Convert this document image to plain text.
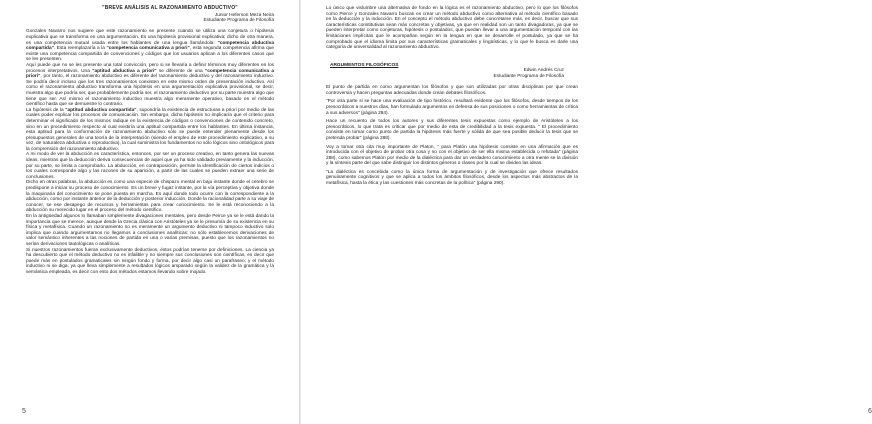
"BREVE ANÁLISIS AL RAZONAMIENTO ABDUCTIVO"
Junior Heferson Meza Neira
Estudiante Programa de Filosofía

Gonzales Navarro nos sugiere que este razonamiento se presente cuando se utiliza una conjetura o hipótesis explicativa que se transforma en una argumentación. Es una hipótesis provisional explicativa; dicho de otra manera, es una competencia mutual usada entre los hablantes de una lengua llamándola: "competencia abductiva compartida". Esta reemplazaría a la "competencia comunicativa a priori", esta segunda competencia afirma que existe una competencia compartida de convenciones y códigos que los usuarios aplican a los diferentes casos que se les presenten.

Aquí puede que no se les presente una total convicción, pero si se llevaría a definir términos muy diferentes en los procesos interpretativos. Una "aptitud abductiva a priori" se diferente de una "competencia comunicativa a priori", por tanto, el razonamiento abductivo es diferente del razonamiento deductivo y del razonamiento inductivo. Se podría decir incluso que los tres razonamientos coexisten en este mismo orden de presentación inductivo. Así como el razonamiento abductivo transforma una hipótesis en una argumentación explicativa provisional, se decir, muestra algo que podría ser, que probablemente podría ser, el razonamiento deductivo por su parte muestra algo que tiene que ser. Así mismo el razonamiento inductivo muestra algo meramente operativo, basado en el método científico hasta que se demuestre lo contrario.

La hipótesis de la "aptitud abductiva compartida", supondría la existencia de estructuras a priori por medio de las cuales poder explicar los procesos de comunicación. Sin embargo, dicha hipótesis no implicaría que el criterio para determinar el significado de los mismos radique en la existencia de códigos o convenciones de contenido concreto, sino en un procedimiento respecto al cual existiría una aptitud compartida entre los hablantes. En última instancia, esta aptitud para la conformación de razonamiento abductivo sólo se puede entender plenamente desde los presupuestos generales de una teoría de la interpretación (siendo el empleo de este procedimiento explicativo, a su vez, de naturaleza abductiva o reproductiva), la cual suministra los fundamentos no sólo lógicos sino ontológicos para la comprensión del razonamiento abductivo.

A mi modo de ver la abducción es característica, entonces, por ser un proceso creativo, en tanto genera las nuevas ideas, mientras que la deducción deriva consecuencias de aquel que ya ha sido validado previamente y la inducción, por su parte, se limita a comprobarlo. La abducción, en contraposición, permite la identificación de ciertos indicios o los cuales corresponde algo y las razones de su aparición, a partir de las cuales se pueden extraer una serie de conclusiones.

Dicho en otras palabras, la abducción es como una especie de chispazo mental en bajo instante donde el cerebro se predispone a iniciar su proceso de conocimiento. Es un breve y fugaz instante, por la vía perceptiva y objetiva donde la maquinaria del conocimiento se pone puesta en marcha. Es aquí donde todo ocurre con la correspondiente a la abducción, como por instante anterior de la deducción y posterior inducción. Donde la racionalidad parte a su viaje de conocer, se ese desapego de recursos y herramientas para crear conocimiento. Se le está reconociendo a la abducción su merecido lugar en el proceso del método científico.

En la antigüedad algunos lo llamaban simplemente divagaciones mentales, pero desde Peirce ya se le está dando la importancia que se merece, aunque desde la Grecia clásica con Aristóteles ya se le presumía de su existencia en su física y metafísica. Cuando un razonamiento no es meramente un argumento deductivo ni tampoco inductivo solo implica que cuando argumentamos no llegamos a conclusiones analíticas; no sólo establecemos derivaciones de valor semántico inherentes a las nociones de partida en una o varias premisas, puesto que los razonamientos no serían derivaciones tautológicas o analíticas.

Si nuestros razonamientos fueran exclusivamente deductivos, éstos podrían tenerse por definiciones. La ciencia ya ha descubierto que el método deductivo no es infalible y no siempre sus conclusiones son científicas, es decir que puede más en postulados gramaticales sin ningún fondo y forma, por decir algo casi un parafraseo; y el método inductivo ni se diga, ya que lleva simplemente a resultados lógicos amparado según la validez de la gramática y la semántica empleada, es decir con esto dos métodos estamos llevando sobre mojado.

5

Lo único que vislumbre una alternativa de fondo en la lógica es el razonamiento abductivo, pero lo que los filósofos como Pierce y Gonzales Navarro buscan es crear un método abductivo como alternativa al método científico basado en la deducción y la inducción. En el concepto el método abductivo debe concretarse más, es decir, buscar que sus características constitutivas sean más concretas y objetivas, ya que en realidad son un tanto divagadoras, ya que se pueden interpretar como conjeturas, hipótesis o postulados, que puedan llevar a una argumentación temporal con las limitaciones implícitas que le acompañan según en la lengua en que se desarrolle el postulado, ya que se ha comprobado que el idioma limita por sus características gramaticales y lingüísticas, y lo que le busca es darle una categoría de universalidad al razonamiento abductivo.

ARGUMENTOS FILOSÓFICOS
Edwin Andrés Cruz
Estudiante Programa de Filosofía

El punto de partida en como argumentan los filósofos y que son utilizadas por otras disciplinas por que crean controversia y hacen preguntas adecuadas donde crean debates filosóficos.

"Por otra parte si se hace una evaluación de tipo histórico, resultará evidente que los filósofos, desde tiempos de los presocráticos a nuestros días, han formulado argumentos en defensa de sus posiciones o como herramientas de crítica a sus adversos" (página 284).

Hace un recuento de todos los autores y sus diferentes tesis expuestas como ejemplo de Aristóteles a los presocráticos, lo que trata es criticar que por medio de esta de credibilidad a la tesis expuesta. " El procedimiento consiste en tomar como punto de partida la hipótesis más fuerte y sólida de que sea posible deducir la tesis que se pretenda probar" (página 288).

Voy a tomar otra cita muy importante de Platon, " para Platón una hipótesis consiste en una afirmación que es introducida con el objetivo de probar otra cosa y no con el objetivo de ser ella misma establecida o refutada" (página 288), como sabemos Platón por medio de la dialéctica para dar un verdadero conocimiento a otra mente se la división y la síntesis parte del que sabe distinguir los distintos géneros o clases por la cual se dividen las ideas.

"La dialéctica es concebida como la única forma de argumentación y de investigación que ofrece resultados genuinamente cognitivos y que se aplica a todos los ámbitos filosóficos, desde los aspectos más abstractos de la metafísica, hasta la ética y las cuestiones más concretas de la política" (página 290).

6
